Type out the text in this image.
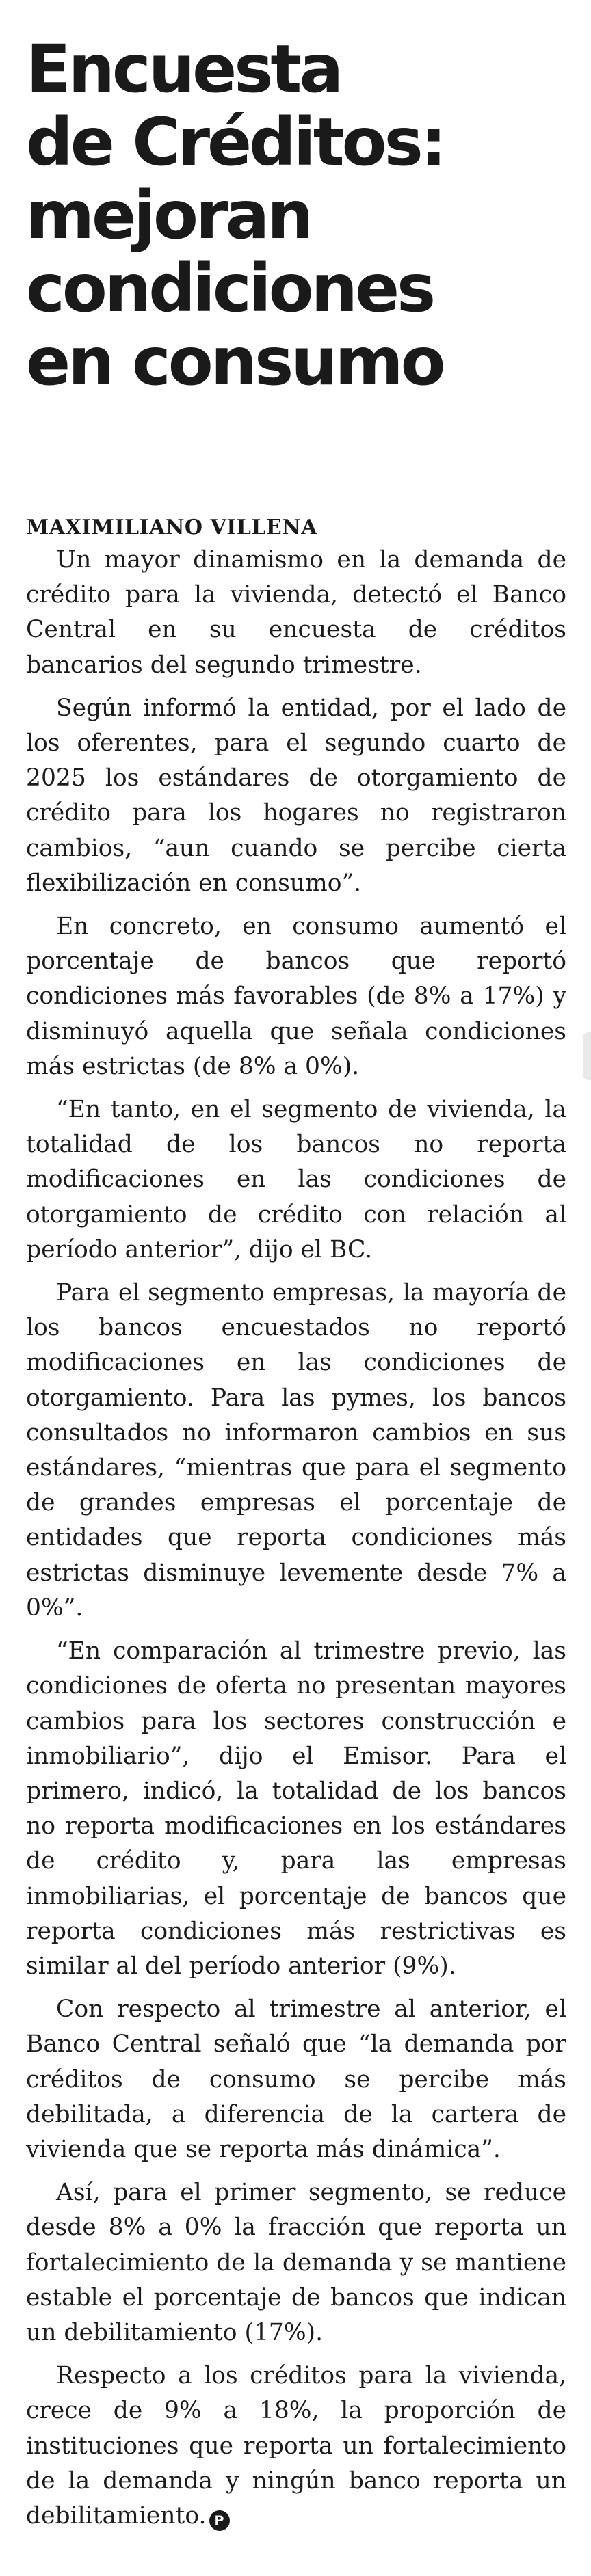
Encuesta
de Créditos:
mejoran
condiciones
en consumo
MAXIMILIANO VILLENA

Un mayor dinamismo en la demanda de crédito para la vivienda, detectó el Banco Central en su encuesta de créditos bancarios del segundo trimestre.

Según informó la entidad, por el lado de los oferentes, para el segundo cuarto de 2025 los estándares de otorgamiento de crédito para los hogares no registraron cambios, “aun cuando se percibe cierta flexibilización en consumo”.

En concreto, en consumo aumentó el porcentaje de bancos que reportó condiciones más favorables (de 8% a 17%) y disminuyó aquella que señala condiciones más estrictas (de 8% a 0%).

“En tanto, en el segmento de vivienda, la totalidad de los bancos no reporta modificaciones en las condiciones de otorgamiento de crédito con relación al período anterior”, dijo el BC.

Para el segmento empresas, la mayoría de los bancos encuestados no reportó modificaciones en las condiciones de otorgamiento. Para las pymes, los bancos consultados no informaron cambios en sus estándares, “mientras que para el segmento de grandes empresas el porcentaje de entidades que reporta condiciones más estrictas disminuye levemente desde 7% a 0%”.

“En comparación al trimestre previo, las condiciones de oferta no presentan mayores cambios para los sectores construcción e inmobiliario”, dijo el Emisor. Para el primero, indicó, la totalidad de los bancos no reporta modificaciones en los estándares de crédito y, para las empresas inmobiliarias, el porcentaje de bancos que reporta condiciones más restrictivas es similar al del período anterior (9%).

Con respecto al trimestre al anterior, el Banco Central señaló que “la demanda por créditos de consumo se percibe más debilitada, a diferencia de la cartera de vivienda que se reporta más dinámica”.

Así, para el primer segmento, se reduce desde 8% a 0% la fracción que reporta un fortalecimiento de la demanda y se mantiene estable el porcentaje de bancos que indican un debilitamiento (17%).

Respecto a los créditos para la vivienda, crece de 9% a 18%, la proporción de instituciones que reporta un fortalecimiento de la demanda y ningún banco reporta un debilitamiento. P
